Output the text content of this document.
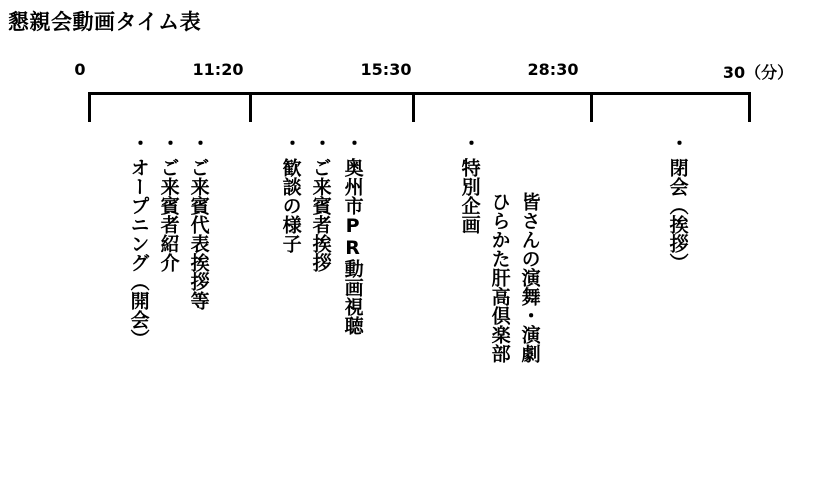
懇親会動画タイム表
0	11:20	15:30	28:30	30（分）
・
オープニング（開会）
・
ご来賓者紹介
・
ご来賓代表挨拶等
・
歓談の様子
・
ご来賓者挨拶
・
奥州市PR動画視聴
・
特別企画 ひらかた肝高倶楽部 皆さんの演舞・演劇
・
閉会（挨拶）
